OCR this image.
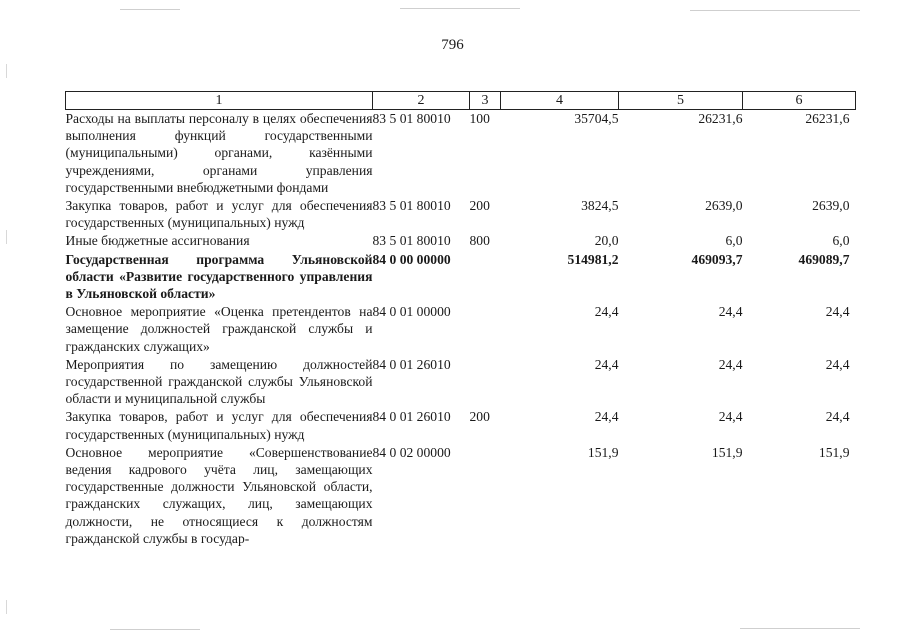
796
1	2	3	4	5	6
Расходы на выплаты персоналу в целях обеспечения выполнения функций государственными (муниципальными) органами, казёнными учреждениями, органами управления государственными внебюджетными фондами	83 5 01 80010	100	35704,5	26231,6	26231,6
Закупка товаров, работ и услуг для обеспечения государственных (муниципальных) нужд	83 5 01 80010	200	3824,5	2639,0	2639,0
Иные бюджетные ассигнования	83 5 01 80010	800	20,0	6,0	6,0
Государственная программа Ульяновской области «Развитие государственного управления в Ульяновской области»	84 0 00 00000		514981,2	469093,7	469089,7
Основное мероприятие «Оценка претендентов на замещение должностей гражданской службы и гражданских служащих»	84 0 01 00000		24,4	24,4	24,4
Мероприятия по замещению должностей государственной гражданской службы Ульяновской области и муниципальной службы	84 0 01 26010		24,4	24,4	24,4
Закупка товаров, работ и услуг для обеспечения государственных (муниципальных) нужд	84 0 01 26010	200	24,4	24,4	24,4
Основное мероприятие «Совершенствование ведения кадрового учёта лиц, замещающих государственные должности Ульяновской области, гражданских служащих, лиц, замещающих должности, не относящиеся к должностям гражданской службы в государ-	84 0 02 00000		151,9	151,9	151,9
